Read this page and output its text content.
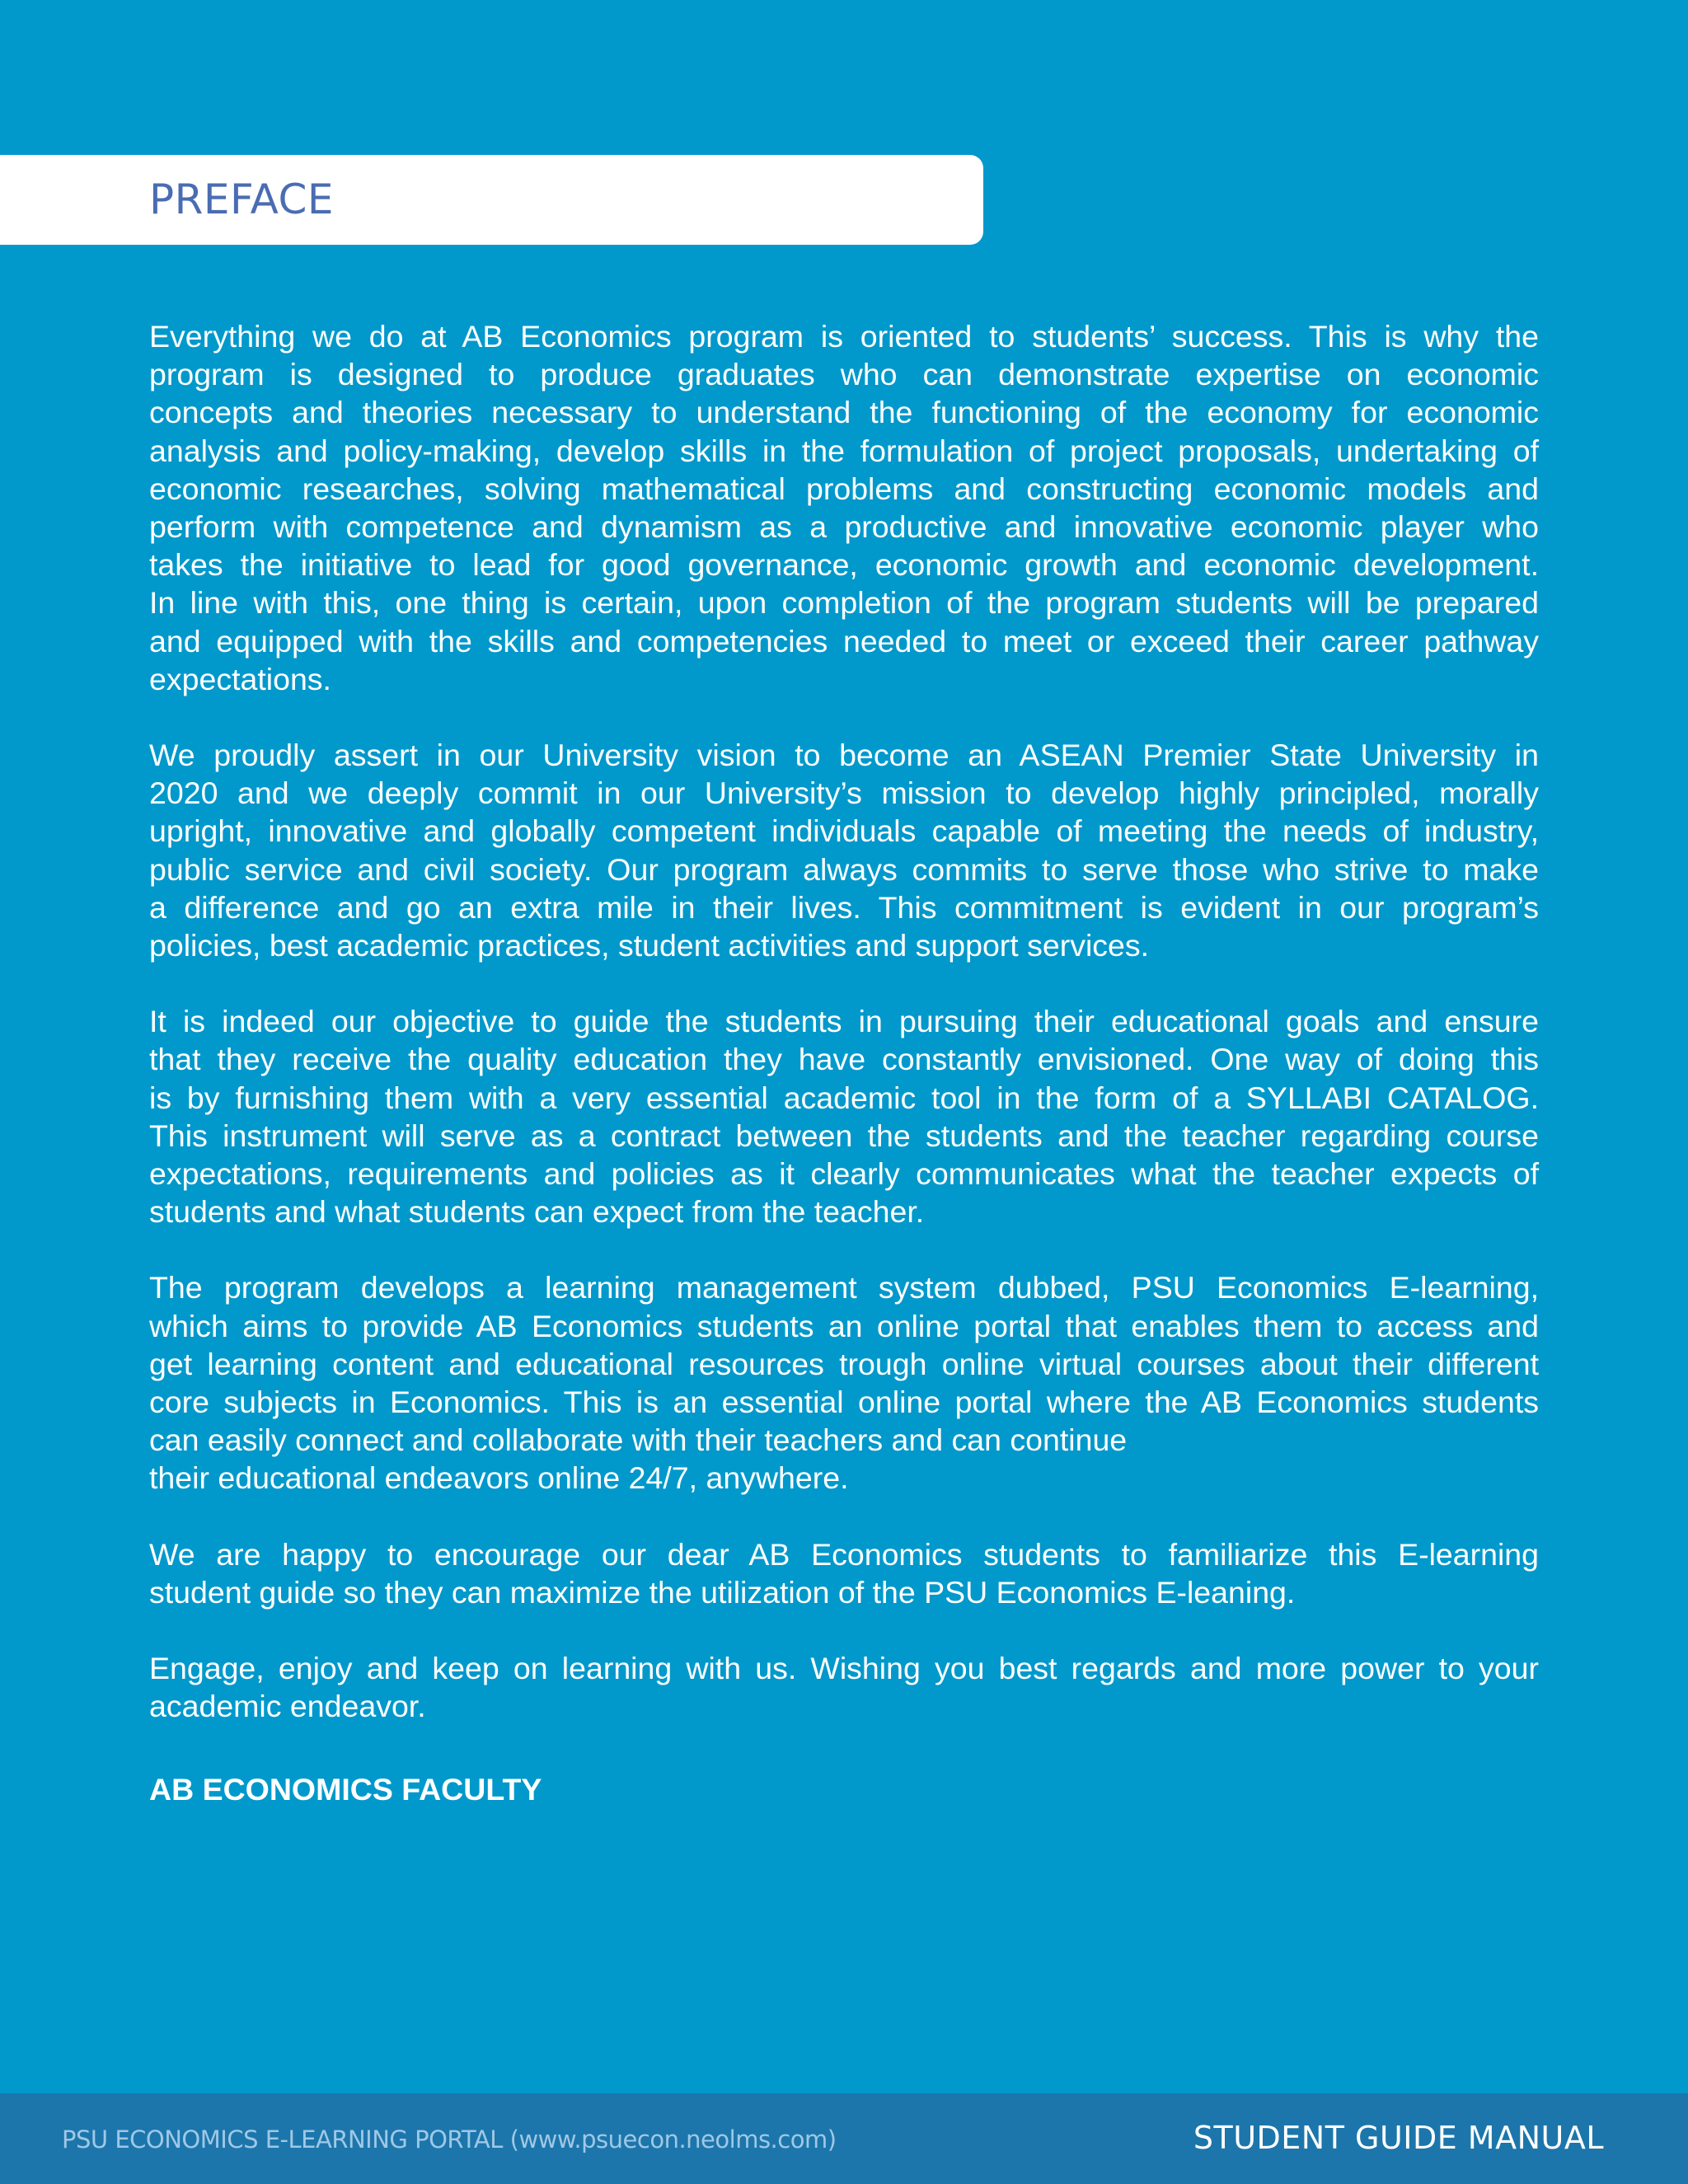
PREFACE

Everything we do at AB Economics program is oriented to students’ success. This is why the
program is designed to produce graduates who can demonstrate expertise on economic
concepts and theories necessary to understand the functioning of the economy for economic
analysis and policy-making, develop skills in the formulation of project proposals, undertaking of
economic researches, solving mathematical problems and constructing economic models and
perform with competence and dynamism as a productive and innovative economic player who
takes the initiative to lead for good governance, economic growth and economic development.
In line with this, one thing is certain, upon completion of the program students will be prepared
and equipped with the skills and competencies needed to meet or exceed their career pathway
expectations.

We proudly assert in our University vision to become an ASEAN Premier State University in
2020 and we deeply commit in our University’s mission to develop highly principled, morally
upright, innovative and globally competent individuals capable of meeting the needs of industry,
public service and civil society. Our program always commits to serve those who strive to make
a difference and go an extra mile in their lives. This commitment is evident in our program’s
policies, best academic practices, student activities and support services.

It is indeed our objective to guide the students in pursuing their educational goals and ensure
that they receive the quality education they have constantly envisioned. One way of doing this
is by furnishing them with a very essential academic tool in the form of a SYLLABI CATALOG.
This instrument will serve as a contract between the students and the teacher regarding course
expectations, requirements and policies as it clearly communicates what the teacher expects of
students and what students can expect from the teacher.

The program develops a learning management system dubbed, PSU Economics E-learning,
which aims to provide AB Economics students an online portal that enables them to access and
get learning content and educational resources trough online virtual courses about their different
core subjects in Economics. This is an essential online portal where the AB Economics students
can easily connect and collaborate with their teachers and can continue
their educational endeavors online 24/7, anywhere.

We are happy to encourage our dear AB Economics students to familiarize this E-learning
student guide so they can maximize the utilization of the PSU Economics E-leaning.

Engage, enjoy and keep on learning with us. Wishing you best regards and more power to your
academic endeavor.

AB ECONOMICS FACULTY
PSU ECONOMICS E-LEARNING PORTAL (www.psuecon.neolms.com)	STUDENT GUIDE MANUAL
